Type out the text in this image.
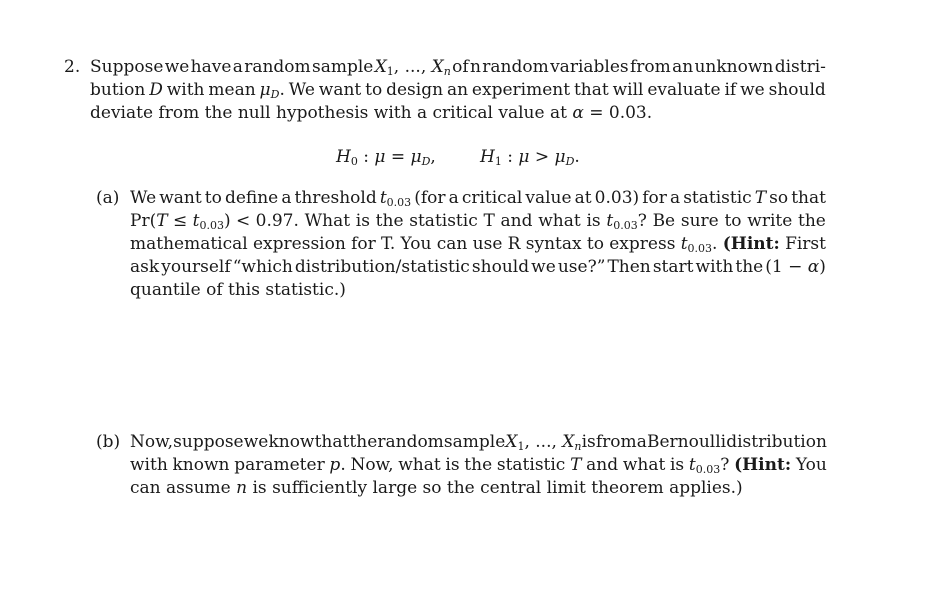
2. Suppose we have a random sample $X_1$, ..., $X_n$ of n random variables from an unknown distri-
bution D with mean $\mu_D$. We want to design an experiment that will evaluate if we should
deviate from the null hypothesis with a critical value at α = 0.03.
$H_0$ : $\mu = \mu_D$,	$H_1$ : $\mu > \mu_D$.
(a) We want to define a threshold $t_{0.03}$ (for a critical value at 0.03) for a statistic T so that
$Pr(T \le t_{0.03}) < 0.97$. What is the statistic T and what is $t_{0.03}$? Be sure to write the
mathematical expression for T. You can use R syntax to express $t_{0.03}$. (Hint: First
ask yourself “which distribution/statistic should we use?” Then start with the (1 − α)
quantile of this statistic.)
(b) Now, suppose we know that the random sample $X_1$, ..., $X_n$ is from a Bernoulli distribution
with known parameter p. Now, what is the statistic T and what is $t_{0.03}$? (Hint: You
can assume n is sufficiently large so the central limit theorem applies.)
